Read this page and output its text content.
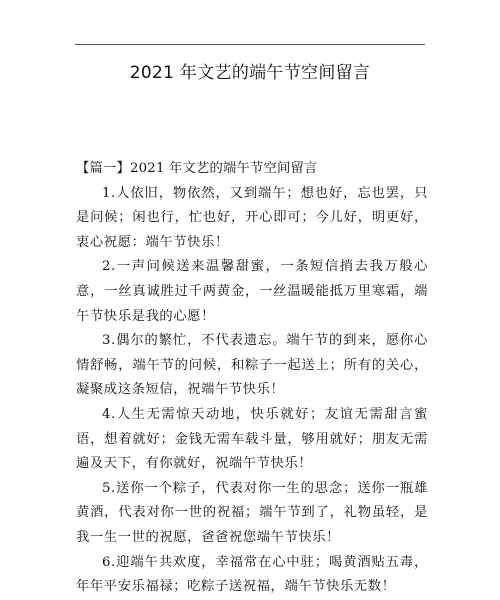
2021 年文艺的端午节空间留言

【篇一】2021 年文艺的端午节空间留言

1.人依旧，物依然，又到端午；想也好，忘也罢，只是问候；闲也行，忙也好，开心即可；今儿好，明更好，衷心祝愿：端午节快乐！

2.一声问候送来温馨甜蜜，一条短信捎去我万般心意，一丝真诚胜过千两黄金，一丝温暖能抵万里寒霜，端午节快乐是我的心愿！

3.偶尔的繁忙，不代表遗忘。端午节的到来，愿你心情舒畅，端午节的问候，和粽子一起送上；所有的关心，凝聚成这条短信，祝端午节快乐！

4.人生无需惊天动地，快乐就好；友谊无需甜言蜜语，想着就好；金钱无需车载斗量，够用就好；朋友无需遍及天下，有你就好，祝端午节快乐！

5.送你一个粽子，代表对你一生的思念；送你一瓶雄黄酒，代表对你一世的祝福；端午节到了，礼物虽轻，是我一生一世的祝愿，爸爸祝您端午节快乐！

6.迎端午共欢度，幸福常在心中驻；喝黄酒贴五毒，年年平安乐福禄；吃粽子送祝福，端午节快乐无数！
